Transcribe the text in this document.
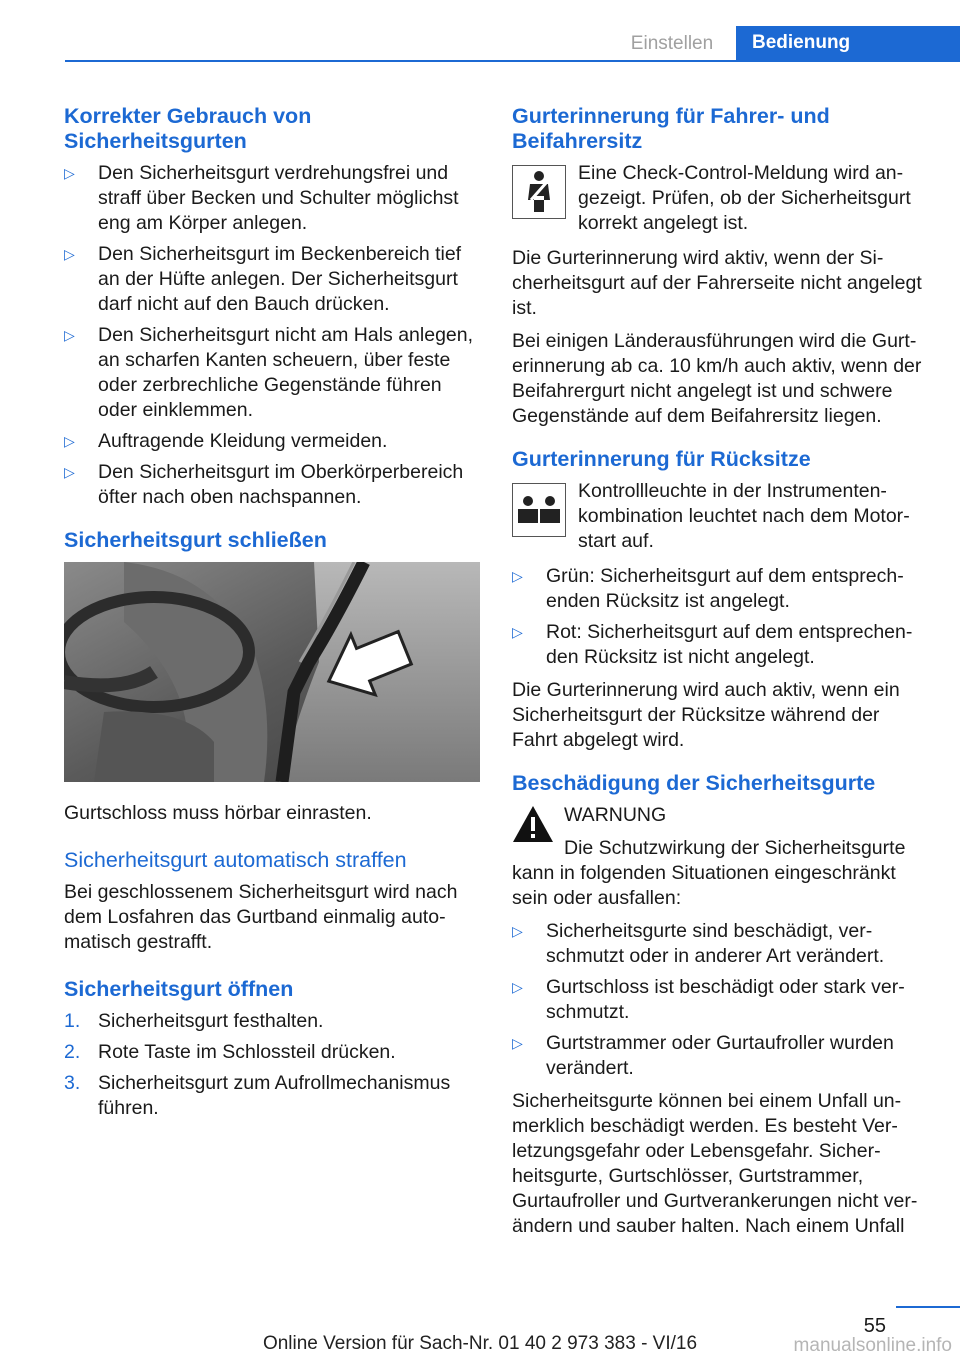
Einstellen	Bedienung
Korrekter Gebrauch von Sicherheitsgurten
▷ Den Sicherheitsgurt verdrehungsfrei und straff über Becken und Schulter möglichst eng am Körper anlegen.
▷ Den Sicherheitsgurt im Beckenbereich tief an der Hüfte anlegen. Der Sicherheitsgurt darf nicht auf den Bauch drücken.
▷ Den Sicherheitsgurt nicht am Hals anlegen, an scharfen Kanten scheuern, über feste oder zerbrechliche Gegenstände führen oder einklemmen.
▷ Auftragende Kleidung vermeiden.
▷ Den Sicherheitsgurt im Oberkörperbereich öfter nach oben nachspannen.
Sicherheitsgurt schließen

Gurtschloss muss hörbar einrasten.

Sicherheitsgurt automatisch straffen

Bei geschlossenem Sicherheitsgurt wird nach dem Losfahren das Gurtband einmalig automatisch gestrafft.

Sicherheitsgurt öffnen
1. Sicherheitsgurt festhalten.
2. Rote Taste im Schlossteil drücken.
3. Sicherheitsgurt zum Aufrollmechanismus führen.
Gurterinnerung für Fahrer- und Beifahrersitz
Eine Check-Control-Meldung wird angezeigt. Prüfen, ob der Sicherheitsgurt korrekt angelegt ist.

Die Gurterinnerung wird aktiv, wenn der Sicherheitsgurt auf der Fahrerseite nicht angelegt ist.

Bei einigen Länderausführungen wird die Gurterinnerung ab ca. 10 km/h auch aktiv, wenn der Beifahrergurt nicht angelegt ist und schwere Gegenstände auf dem Beifahrersitz liegen.

Gurterinnerung für Rücksitze
Kontrollleuchte in der Instrumentenkombination leuchtet nach dem Motorstart auf.
▷ Grün: Sicherheitsgurt auf dem entsprechenden Rücksitz ist angelegt.
▷ Rot: Sicherheitsgurt auf dem entsprechenden Rücksitz ist nicht angelegt.

Die Gurterinnerung wird auch aktiv, wenn ein Sicherheitsgurt der Rücksitze während der Fahrt abgelegt wird.

Beschädigung der Sicherheitsgurte
WARNUNG
Die Schutzwirkung der Sicherheitsgurte kann in folgenden Situationen eingeschränkt sein oder ausfallen:
▷ Sicherheitsgurte sind beschädigt, verschmutzt oder in anderer Art verändert.
▷ Gurtschloss ist beschädigt oder stark verschmutzt.
▷ Gurtstrammer oder Gurtaufroller wurden verändert.

Sicherheitsgurte können bei einem Unfall unmerklich beschädigt werden. Es besteht Verletzungsgefahr oder Lebensgefahr. Sicherheitsgurte, Gurtschlösser, Gurtstrammer, Gurtaufroller und Gurtverankerungen nicht verändern und sauber halten. Nach einem Unfall

55
Online Version für Sach-Nr. 01 40 2 973 383 - VI/16	manualsonline.info
